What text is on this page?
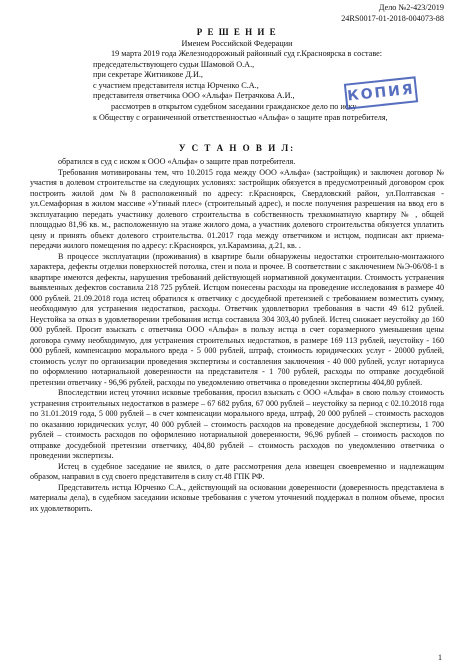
Дело №2-423/2019
24RS0017-01-2018-004073-88
Р Е Ш Е Н И Е
Именем Российской Федерации

19 марта 2019 года Железнодорожный районный суд г.Красноярска в составе:

председательствующего судьи Шамовой О.А.,

при секретаре Житниковe Д.И.,

с участием представителя истца Юрченко С.А.,

представителя ответчика ООО «Альфа» Петрачкова А.И.,

рассмотрев в открытом судебном заседании гражданское дело по иску

к Обществу с ограниченной ответственностью «Альфа» о защите прав потребителя,

КОПИЯ
У С Т А Н О В И Л:

обратился в суд с иском к ООО «Альфа» о защите прав потребителя.

Требования мотивированы тем, что 10.2015 года между ООО «Альфа» (застройщик) и заключен договор № участия в долевом строительстве на следующих условиях: застройщик обязуется в предусмотренный договором срок построить жилой дом №8 расположенный по адресу: г.Красноярск, Свердловский район, ул.Полтавская - ул.Семафорная в жилом массиве «Утиный плес» (строительный адрес), и после получения разрешения на ввод его в эксплуатацию передать участнику долевого строительства в собственность трехкомнатную квартиру № , общей площадью 81,96 кв. м., расположенную на этаже жилого дома, а участник долевого строительства обязуется уплатить цену и принять объект долевого строительства. 01.2017 года между ответчиком и истцом, подписан акт приема-передачи жилого помещения по адресу: г.Красноярск, ул.Карамзина, д.21, кв. .

В процессе эксплуатации (проживания) в квартире были обнаружены недостатки строительно-монтажного характера, дефекты отделки поверхностей потолка, стен и пола и прочее. В соответствии с заключением №Э-06/08-1 в квартире имеются дефекты, нарушения требований действующей нормативной документации. Стоимость устранения выявленных дефектов составила 218 725 рублей. Истцом понесены расходы на проведение исследования в размере 40 000 рублей. 21.09.2018 года истец обратился к ответчику с досудебной претензией с требованием возместить сумму, необходимую для устранения недостатков, расходы. Ответчик удовлетворил требования в части 49 612 рублей. Неустойка за отказ в удовлетворении требования истца составила 304 303,40 рублей. Истец снижает неустойку до 160 000 рублей. Просит взыскать с ответчика ООО «Альфа» в пользу истца в счет соразмерного уменьшения цены договора сумму необходимую, для устранения строительных недостатков, в размере 169 113 рублей, неустойку - 160 000 рублей, компенсацию морального вреда - 5 000 рублей, штраф, стоимость юридических услуг - 20000 рублей, стоимость услуг по организации проведения экспертизы и составления заключения - 40 000 рублей, услуг нотариуса по оформлению нотариальной доверенности на представителя - 1 700 рублей, расходы по отправке досудебной претензии ответчику - 96,96 рублей, расходы по уведомлению ответчика о проведении экспертизы 404,80 рублей.

Впоследствии истец уточнил исковые требования, просил взыскать с ООО «Альфа» в свою пользу стоимость устранения строительных недостатков в размере – 67 682 рубля, 67 000 рублей – неустойку за период с 02.10.2018 года по 31.01.2019 года, 5 000 рублей – в счет компенсации морального вреда, штраф, 20 000 рублей – стоимость расходов по оказанию юридических услуг, 40 000 рублей – стоимость расходов на проведение досудебной экспертизы, 1 700 рублей – стоимость расходов по оформлению нотариальной доверенности, 96,96 рублей – стоимость расходов по отправке досудебной претензии ответчику, 404,80 рублей – стоимость расходов по уведомлению ответчика о проведении экспертизы.

Истец в судебное заседание не явился, о дате рассмотрения дела извещен своевременно и надлежащим образом, направил в суд своего представителя в силу ст.48 ГПК РФ.

Представитель истца Юрченко С.А., действующий на основании доверенности (доверенность представлена в материалы дела), в судебном заседании исковые требования с учетом уточнений поддержал в полном объеме, просил их удовлетворить.

1
